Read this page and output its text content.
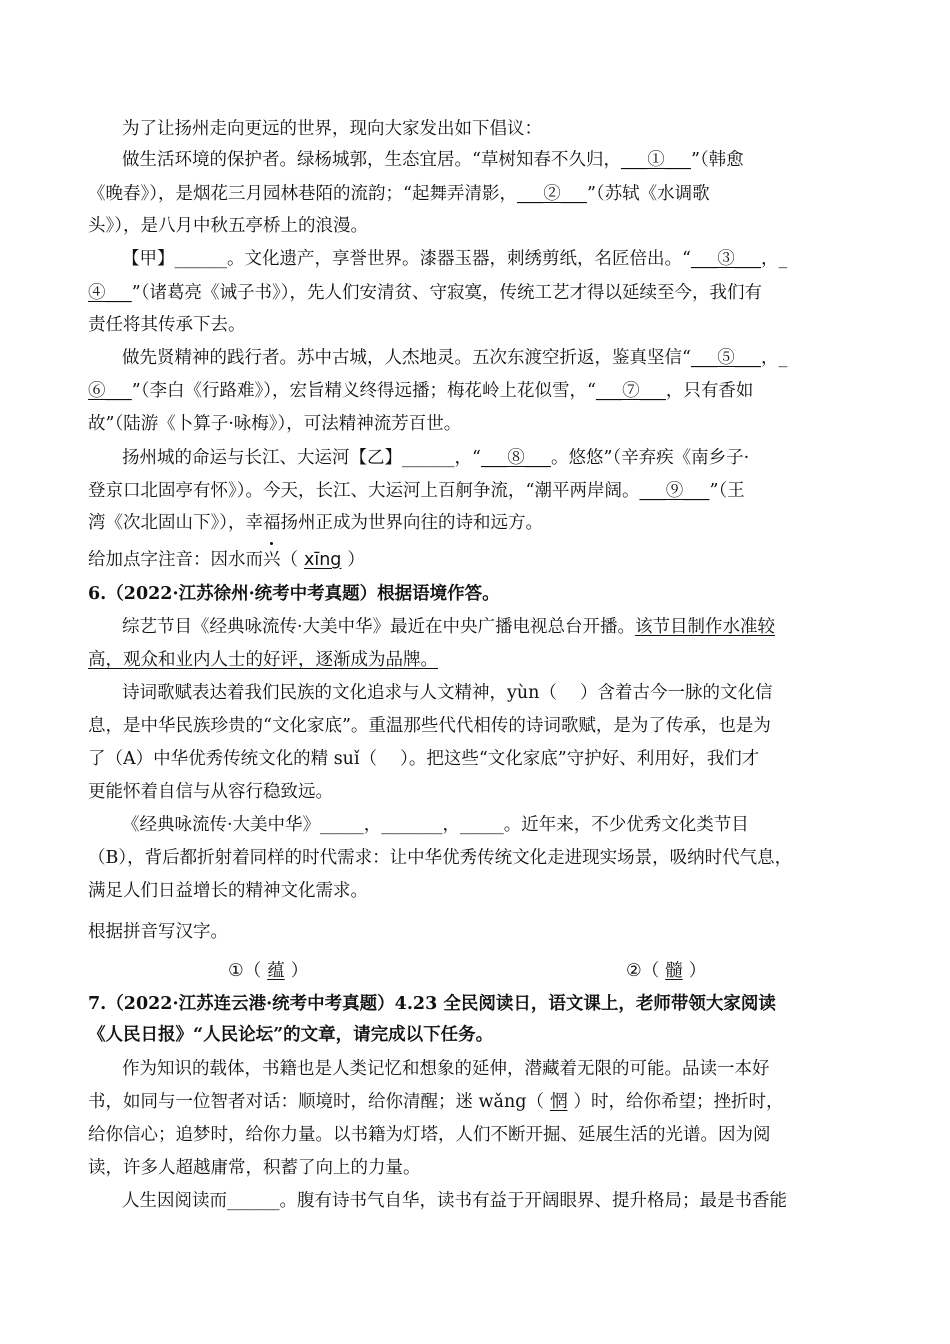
为了让扬州走向更远的世界，现向大家发出如下倡议：
做生活环境的保护者。绿杨城郭，生态宜居。“草树知春不久归，___①___”（韩愈
《晚春》），是烟花三月园林巷陌的流韵；“起舞弄清影，___②___”（苏轼《水调歌
头》），是八月中秋五亭桥上的浪漫。
【甲】______。文化遗产，享誉世界。漆器玉器，刺绣剪纸，名匠倍出。“___③___，_
④___”（诸葛亮《诫子书》），先人们安清贫、守寂寞，传统工艺才得以延续至今，我们有
责任将其传承下去。
做先贤精神的践行者。苏中古城，人杰地灵。五次东渡空折返，鉴真坚信“___⑤___，_
⑥___”（李白《行路难》），宏旨精义终得远播；梅花岭上花似雪，“___⑦___，只有香如
故”（陆游《卜算子·咏梅》），可法精神流芳百世。
扬州城的命运与长江、大运河【乙】______，“___⑧___。悠悠”（辛弃疾《南乡子·
登京口北固亭有怀》）。今天，长江、大运河上百舸争流，“潮平两岸阔。___⑨___”（王
湾《次北固山下》），幸福扬州正成为世界向往的诗和远方。
给加点字注音：因水而兴（ xīng ）
6.（2022·江苏徐州·统考中考真题）根据语境作答。
综艺节目《经典咏流传·大美中华》最近在中央广播电视总台开播。该节目制作水准较
高，观众和业内人士的好评，逐渐成为品牌。
诗词歌赋表达着我们民族的文化追求与人文精神，yùn（　 ）含着古今一脉的文化信
息，是中华民族珍贵的“文化家底”。重温那些代代相传的诗词歌赋，是为了传承，也是为
了（A）中华优秀传统文化的精 suǐ（　 ）。把这些“文化家底”守护好、利用好，我们才
更能怀着自信与从容行稳致远。
《经典咏流传·大美中华》_____，_______，_____。近年来，不少优秀文化类节目
（B），背后都折射着同样的时代需求：让中华优秀传统文化走进现实场景，吸纳时代气息，
满足人们日益增长的精神文化需求。
根据拼音写汉字。
①（ 蕴 ）	②（ 髓 ）
7.（2022·江苏连云港·统考中考真题）4.23 全民阅读日，语文课上，老师带领大家阅读
《人民日报》“人民论坛”的文章，请完成以下任务。
作为知识的载体，书籍也是人类记忆和想象的延伸，潜藏着无限的可能。品读一本好
书，如同与一位智者对话：顺境时，给你清醒；迷 wǎng（ 惘 ）时，给你希望；挫折时，
给你信心；追梦时，给你力量。以书籍为灯塔，人们不断开掘、延展生活的光谱。因为阅
读，许多人超越庸常，积蓄了向上的力量。
人生因阅读而______。腹有诗书气自华，读书有益于开阔眼界、提升格局；最是书香能
